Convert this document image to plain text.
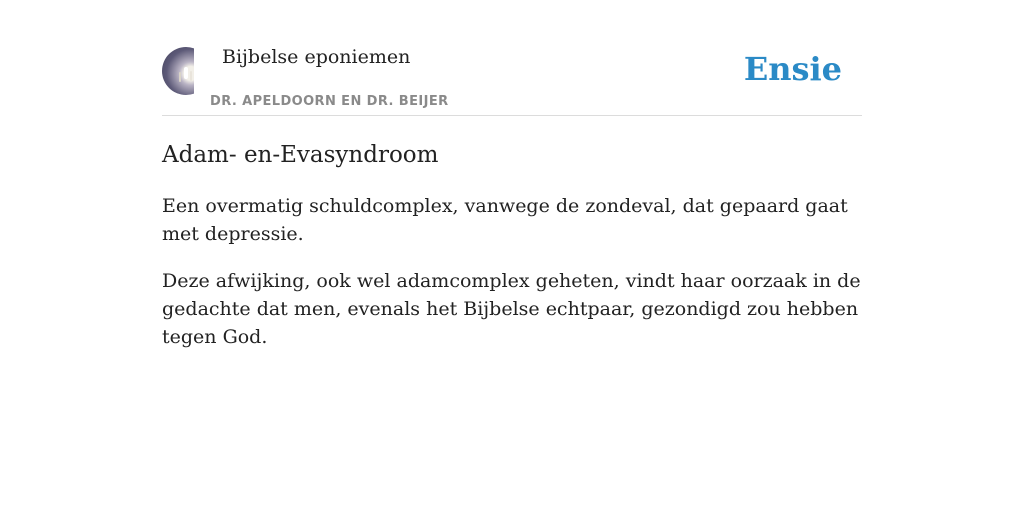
Bijbelse eponiemen
DR. APELDOORN EN DR. BEIJER
Ensie
Adam- en-Evasyndroom

Een overmatig schuldcomplex, vanwege de zondeval, dat gepaard gaat met depressie.

Deze afwijking, ook wel adamcomplex geheten, vindt haar oorzaak in de gedachte dat men, evenals het Bijbelse echtpaar, gezondigd zou hebben tegen God.
